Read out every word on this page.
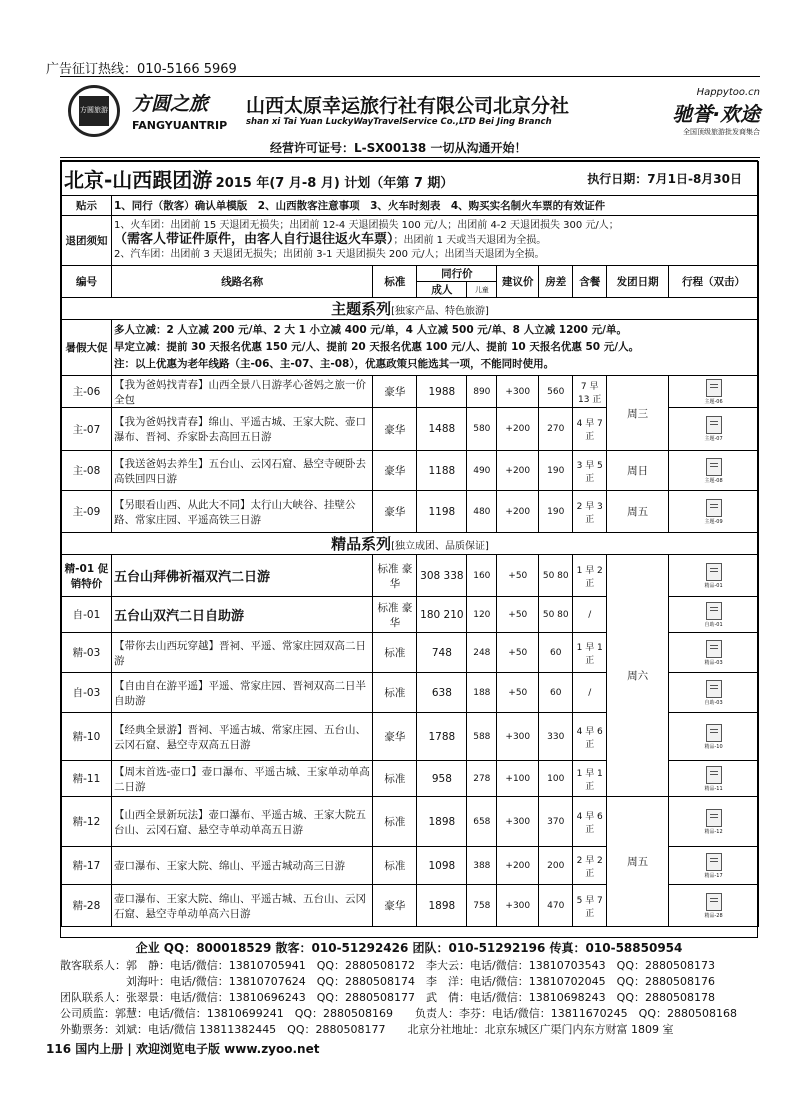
广告征订热线：010-5166 5969
方圆旅游 方圆之旅
FANGYUANTRIP
山西太原幸运旅行社有限公司北京分社
shan xi Tai Yuan LuckyWayTravelService Co.,LTD Bei Jing Branch
Happytoo.cn
驰誉·欢途
全国顶级旅游批发商集合
经营许可证号：L-SX00138 一切从沟通开始！
北京-山西跟团游 2015 年(7 月-8 月) 计划（年第 7 期） 执行日期：7月1日-8月30日									

贴示	1、同行（散客）确认单模版　2、山西散客注意事项　3、火车时刻表　4、购买实名制火车票的有效证件								
退团须知	1、火车团：出团前 15 天退团无损失；出团前 12-4 天退团损失 100 元/人；出团前 4-2 天退团损失 300 元/人；
（需客人带证件原件，由客人自行退往返火车票）；出团前 1 天或当天退团为全损。
2、汽车团：出团前 3 天退团无损失；出团前 3-1 天退团损失 200 元/人；出团当天退团为全损。								

编号	线路名称	标准	同行价		建议价	房差	含餐	发团日期	行程（双击）
			成人	儿童					
主题系列[独家产品、特色旅游]									
暑假大促	多人立减：2 人立减 200 元/单、2 大 1 小立减 400 元/单，4 人立减 500 元/单、8 人立减 1200 元/单。
早定立减：提前 30 天报名优惠 150 元/人、提前 20 天报名优惠 100 元/人、提前 10 天报名优惠 50 元/人。
注：以上优惠为老年线路（主-06、主-07、主-08），优惠政策只能选其一项，不能同时使用。								

主-06	【我为爸妈找青春】山西全景八日游孝心爸妈之旅一价全包	豪华	1988	890	+300	560	7 早 13 正	周三	主题-06
主-07	【我为爸妈找青春】绵山、平遥古城、王家大院、壶口瀑布、晋祠、乔家卧去高回五日游	豪华	1488	580	+200	270	4 早 7 正		主题-07
主-08	【我送爸妈去养生】五台山、云冈石窟、悬空寺硬卧去高铁回四日游	豪华	1188	490	+200	190	3 早 5 正	周日	主题-08
主-09	【另眼看山西、从此大不同】太行山大峡谷、挂壁公路、常家庄园、平遥高铁三日游	豪华	1198	480	+200	190	2 早 3 正	周五	主题-09
精品系列[独立成团、品质保证]									
精-01 促销特价	五台山拜佛祈福双汽二日游	标准 豪华	308 338	160	+50	50 80	1 早 2 正	周六	精品-01
自-01	五台山双汽二日自助游	标准 豪华	180 210	120	+50	50 80	/		自助-01
精-03	【带你去山西玩穿越】晋祠、平遥、常家庄园双高二日游	标准	748	248	+50	60	1 早 1 正		精品-03
自-03	【自由自在游平遥】平遥、常家庄园、晋祠双高二日半自助游	标准	638	188	+50	60	/		自助-03
精-10	【经典全景游】晋祠、平遥古城、常家庄园、五台山、云冈石窟、悬空寺双高五日游	豪华	1788	588	+300	330	4 早 6 正		精品-10
精-11	【周末首选-壶口】壶口瀑布、平遥古城、王家单动单高二日游	标准	958	278	+100	100	1 早 1 正		精品-11
精-12	【山西全景新玩法】壶口瀑布、平遥古城、王家大院五台山、云冈石窟、悬空寺单动单高五日游	标准	1898	658	+300	370	4 早 6 正	周五	精品-12
精-17	壶口瀑布、王家大院、绵山、平遥古城动高三日游	标准	1098	388	+200	200	2 早 2 正		精品-17
精-28	壶口瀑布、王家大院、绵山、平遥古城、五台山、云冈石窟、悬空寺单动单高六日游	豪华	1898	758	+300	470	5 早 7 正		精品-28
企业 QQ：800018529 散客：010-51292426 团队：010-51292196 传真：010-58850954
散客联系人：郭　静：电话/微信：13810705941　QQ：2880508172　李大云：电话/微信：13810703543　QQ：2880508173
　　　　　　刘海叶：电话/微信：13810707624　QQ：2880508174　李　洋：电话/微信：13810702045　QQ：2880508176
团队联系人：张翠景：电话/微信：13810696243　QQ：2880508177　武　倩：电话/微信：13810698243　QQ：2880508178
公司质监：郭慧：电话/微信：13810699241　QQ：2880508169　　负责人：李芬：电话/微信：13811670245　QQ：2880508168
外勤票务：刘斌：电话/微信 13811382445　QQ：2880508177　　北京分社地址：北京东城区广渠门内东方财富 1809 室
116 国内上册 | 欢迎浏览电子版 www.zyoo.net
